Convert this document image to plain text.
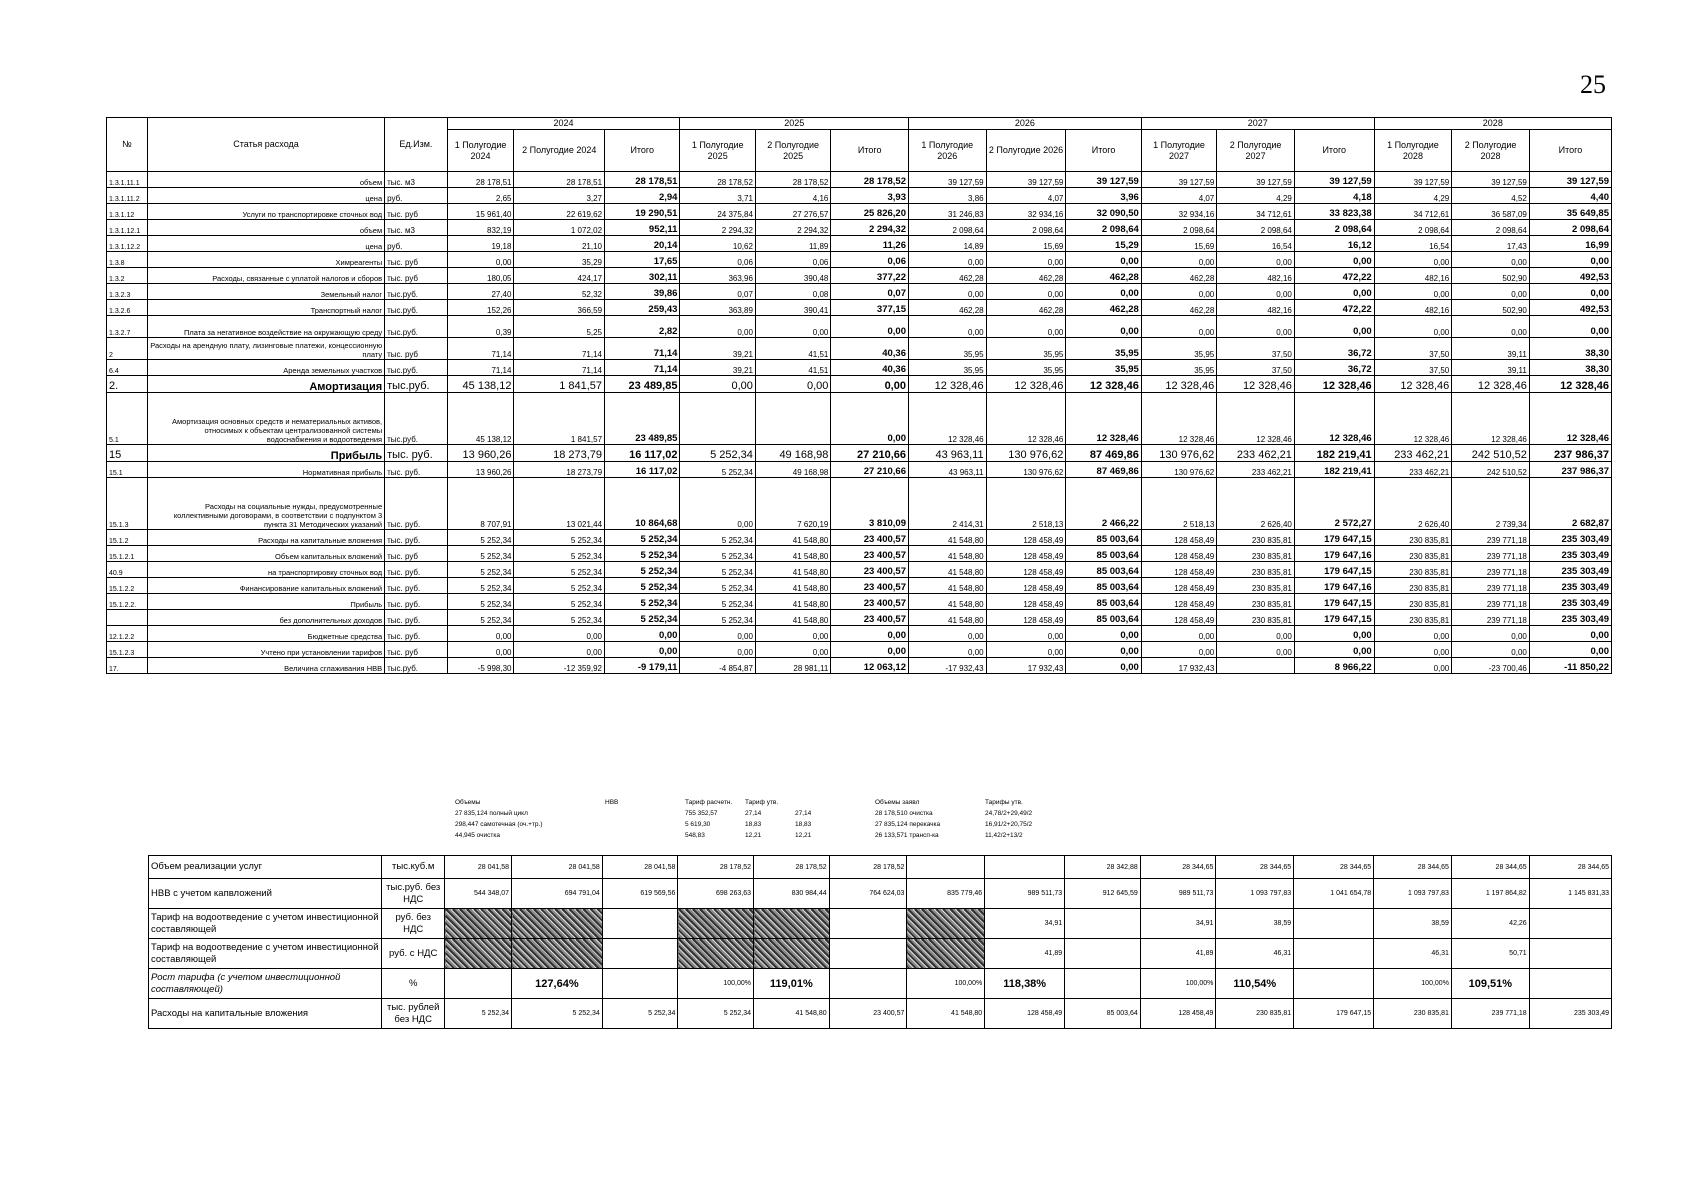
25
№	Статья расхода	Ед.Изм.	2024			2025			2026			2027			2028		
			1 Полугодие 2024	2 Полугодие 2024	Итого	1 Полугодие 2025	2 Полугодие 2025	Итого	1 Полугодие 2026	2 Полугодие 2026	Итого	1 Полугодие 2027	2 Полугодие 2027	Итого	1 Полугодие 2028	2 Полугодие 2028	Итого
1.3.1.11.1	объем	тыс. м3	28 178,51	28 178,51	28 178,51	28 178,52	28 178,52	28 178,52	39 127,59	39 127,59	39 127,59	39 127,59	39 127,59	39 127,59	39 127,59	39 127,59	39 127,59
1.3.1.11.2	цена	руб.	2,65	3,27	2,94	3,71	4,16	3,93	3,86	4,07	3,96	4,07	4,29	4,18	4,29	4,52	4,40
1.3.1.12	Услуги по транспортировке сточных вод	тыс. руб	15 961,40	22 619,62	19 290,51	24 375,84	27 276,57	25 826,20	31 246,83	32 934,16	32 090,50	32 934,16	34 712,61	33 823,38	34 712,61	36 587,09	35 649,85
1.3.1.12.1	объем	тыс. м3	832,19	1 072,02	952,11	2 294,32	2 294,32	2 294,32	2 098,64	2 098,64	2 098,64	2 098,64	2 098,64	2 098,64	2 098,64	2 098,64	2 098,64
1.3.1.12.2	цена	руб.	19,18	21,10	20,14	10,62	11,89	11,26	14,89	15,69	15,29	15,69	16,54	16,12	16,54	17,43	16,99
1.3.8	Химреагенты	тыс. руб	0,00	35,29	17,65	0,06	0,06	0,06	0,00	0,00	0,00	0,00	0,00	0,00	0,00	0,00	0,00
1.3.2	Расходы, связанные с уплатой налогов и сборов	тыс. руб	180,05	424,17	302,11	363,96	390,48	377,22	462,28	462,28	462,28	462,28	482,16	472,22	482,16	502,90	492,53
1.3.2.3	Земельный налог	тыс.руб.	27,40	52,32	39,86	0,07	0,08	0,07	0,00	0,00	0,00	0,00	0,00	0,00	0,00	0,00	0,00
1.3.2.6	Транспортный налог	тыс.руб.	152,26	366,59	259,43	363,89	390,41	377,15	462,28	462,28	462,28	462,28	482,16	472,22	482,16	502,90	492,53
1.3.2.7	Плата за негативное воздействие на окружающую среду	тыс.руб.	0,39	5,25	2,82	0,00	0,00	0,00	0,00	0,00	0,00	0,00	0,00	0,00	0,00	0,00	0,00
2	Расходы на арендную плату, лизинговые платежи, концессионную плату	тыс. руб	71,14	71,14	71,14	39,21	41,51	40,36	35,95	35,95	35,95	35,95	37,50	36,72	37,50	39,11	38,30
6.4	Аренда земельных участков	тыс.руб.	71,14	71,14	71,14	39,21	41,51	40,36	35,95	35,95	35,95	35,95	37,50	36,72	37,50	39,11	38,30
2.	Амортизация	тыс.руб.	45 138,12	1 841,57	23 489,85	0,00	0,00	0,00	12 328,46	12 328,46	12 328,46	12 328,46	12 328,46	12 328,46	12 328,46	12 328,46	12 328,46
5.1	Амортизация основных средств и нематериальных активов, относимых к объектам централизованной системы водоснабжения и водоотведения	тыс.руб.	45 138,12	1 841,57	23 489,85			0,00	12 328,46	12 328,46	12 328,46	12 328,46	12 328,46	12 328,46	12 328,46	12 328,46	12 328,46
15	Прибыль	тыс. руб.	13 960,26	18 273,79	16 117,02	5 252,34	49 168,98	27 210,66	43 963,11	130 976,62	87 469,86	130 976,62	233 462,21	182 219,41	233 462,21	242 510,52	237 986,37
15.1	Нормативная прибыль	тыс. руб.	13 960,26	18 273,79	16 117,02	5 252,34	49 168,98	27 210,66	43 963,11	130 976,62	87 469,86	130 976,62	233 462,21	182 219,41	233 462,21	242 510,52	237 986,37
15.1.3	Расходы на социальные нужды, предусмотренные коллективными договорами, в соответствии с подпунктом 3 пункта 31 Методических указаний	тыс. руб.	8 707,91	13 021,44	10 864,68	0,00	7 620,19	3 810,09	2 414,31	2 518,13	2 466,22	2 518,13	2 626,40	2 572,27	2 626,40	2 739,34	2 682,87
15.1.2	Расходы на капитальные вложения	тыс. руб.	5 252,34	5 252,34	5 252,34	5 252,34	41 548,80	23 400,57	41 548,80	128 458,49	85 003,64	128 458,49	230 835,81	179 647,15	230 835,81	239 771,18	235 303,49
15.1.2.1	Объем капитальных вложений	тыс. руб	5 252,34	5 252,34	5 252,34	5 252,34	41 548,80	23 400,57	41 548,80	128 458,49	85 003,64	128 458,49	230 835,81	179 647,16	230 835,81	239 771,18	235 303,49
40.9	на транспортировку сточных вод	тыс. руб.	5 252,34	5 252,34	5 252,34	5 252,34	41 548,80	23 400,57	41 548,80	128 458,49	85 003,64	128 458,49	230 835,81	179 647,15	230 835,81	239 771,18	235 303,49
15.1.2.2	Финансирование капитальных вложений	тыс. руб.	5 252,34	5 252,34	5 252,34	5 252,34	41 548,80	23 400,57	41 548,80	128 458,49	85 003,64	128 458,49	230 835,81	179 647,16	230 835,81	239 771,18	235 303,49
15.1.2.2.	Прибыль	тыс. руб.	5 252,34	5 252,34	5 252,34	5 252,34	41 548,80	23 400,57	41 548,80	128 458,49	85 003,64	128 458,49	230 835,81	179 647,15	230 835,81	239 771,18	235 303,49
	без дополнительных доходов	тыс. руб.	5 252,34	5 252,34	5 252,34	5 252,34	41 548,80	23 400,57	41 548,80	128 458,49	85 003,64	128 458,49	230 835,81	179 647,15	230 835,81	239 771,18	235 303,49
12.1.2.2	Бюджетные средства	тыс. руб.	0,00	0,00	0,00	0,00	0,00	0,00	0,00	0,00	0,00	0,00	0,00	0,00	0,00	0,00	0,00
15.1.2.3	Учтено при установлении тарифов	тыс. руб	0,00	0,00	0,00	0,00	0,00	0,00	0,00	0,00	0,00	0,00	0,00	0,00	0,00	0,00	0,00
17.	Величина сглаживания НВВ	тыс.руб.	-5 998,30	-12 359,92	-9 179,11	-4 854,87	28 981,11	12 063,12	-17 932,43	17 932,43	0,00	17 932,43		8 966,22	0,00	-23 700,46	-11 850,22
Объемы	НВВ	Тариф расчетн.	Тариф утв.	Объемы заявл	Тарифы утв.
27 835,124 полный цикл	755 352,57	27,14	27,14	28 178,510 очистка	24,78/2+29,49/2
298,447 самотечная (оч.+тр.)	5 619,30	18,83	18,83	27 835,124 перекачка	16,91/2+20,75/2
44,945 очистка	548,83	12,21	12,21	26 133,571 трансп-ка	11,42/2+13/2
Объем реализации услуг	тыс.куб.м	28 041,58	28 041,58	28 041,58	28 178,52	28 178,52	28 178,52			28 342,88	28 344,65	28 344,65	28 344,65	28 344,65	28 344,65	28 344,65
НВВ с учетом капвложений	тыс.руб. без НДС	544 348,07	694 791,04	619 569,56	698 263,63	830 984,44	764 624,03	835 779,46	989 511,73	912 645,59	989 511,73	1 093 797,83	1 041 654,78	1 093 797,83	1 197 864,82	1 145 831,33
Тариф на водоотведение с учетом инвестиционной составляющей	руб. без НДС								34,91		34,91	38,59		38,59	42,26	
Тариф на водоотведение с учетом инвестиционной составляющей	руб. с НДС								41,89		41,89	46,31		46,31	50,71	
Рост тарифа (с учетом инвестиционной составляющей)	%		127,64%		100,00%	119,01%		100,00%	118,38%		100,00%	110,54%		100,00%	109,51%	
Расходы на капитальные вложения	тыс. рублей без НДС	5 252,34	5 252,34	5 252,34	5 252,34	41 548,80	23 400,57	41 548,80	128 458,49	85 003,64	128 458,49	230 835,81	179 647,15	230 835,81	239 771,18	235 303,49
